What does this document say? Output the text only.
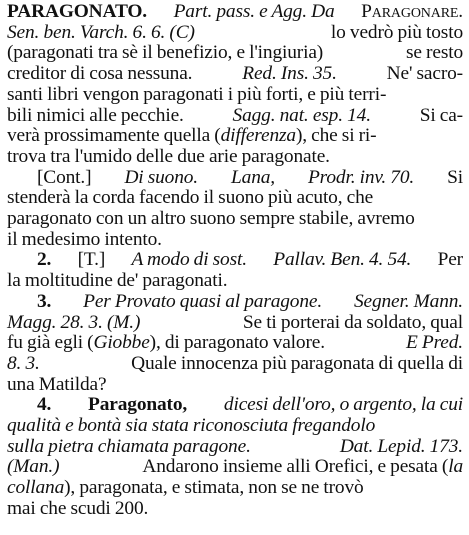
PARAGONATO. Part. pass. e Agg. Da Paragonare.
Sen. ben. Varch. 6. 6. (C)	lo vedrò più tosto
(paragonati tra sè il benefizio, e l'ingiuria)	se resto
creditor di cosa nessuna.	Red. Ins. 35.	Ne' sacro-
santi libri vengon paragonati i più forti, e più terri-
bili nimici alle pecchie.	Sagg. nat. esp. 14.	Si ca-
verà prossimamente quella (differenza), che si ri-
trova tra l'umido delle due arie paragonate.
[Cont.] Di suono. Lana, Prodr. inv. 70. Si
stenderà la corda facendo il suono più acuto, che
paragonato con un altro suono sempre stabile, avremo
il medesimo intento.
2. [T.] A modo di sost. Pallav. Ben. 4. 54. Per
la moltitudine de' paragonati.
3. Per Provato quasi al paragone. Segner. Mann.
Magg. 28. 3. (M.)	Se ti porterai da soldato, qual
fu già egli (Giobbe), di paragonato valore.	E Pred.
8. 3.	Quale innocenza più paragonata di quella di
una Matilda?
4. Paragonato, dicesi dell'oro, o argento, la cui
qualità e bontà sia stata riconosciuta fregandolo
sulla pietra chiamata paragone.	Dat. Lepid. 173.
(Man.)	Andarono insieme alli Orefici, e pesata (la
collana), paragonata, e stimata, non se ne trovò
mai che scudi 200.
